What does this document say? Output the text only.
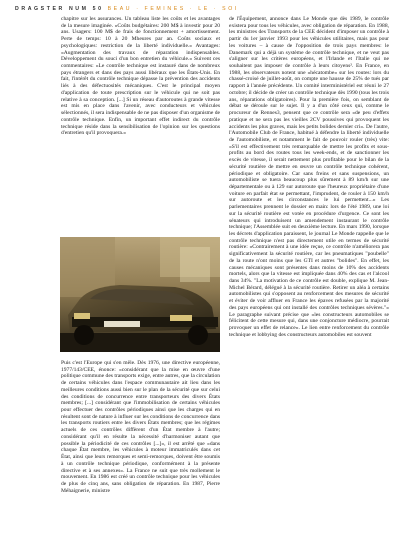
DRAGSTER NUM 50 BEAU · FEMINES · LE · SOI

chapitre sur les assurances. Un tableau liste les coûts et les avantages de la mesure imaginée. «Coûts budgétaires: 200 M$ à investir pour 20 ans. Usagers: 100 M$ de frais de fonctionnement + amortissement. Perte de temps: 10 à 20 Mheures par an. Coûts sociaux et psychologiques: restriction de la liberté individuelle.» Avantages: «Augmentation des travaux de réparation indispensables. Développement du souci d'un bon entretien du véhicule.» Suivent ces commentaires: «Le contrôle technique est instauré dans de nombreux pays étrangers et dans des pays aussi libéraux que les États-Unis. En fait, l'intérêt du contrôle technique dépasse la prévention des accidents liés à des défectuosités mécaniques. C'est le principal moyen d'application de toute prescription sur le véhicule qui ne soit pas relative à sa conception. [...] Si un réseau d'autoroutes à grande vitesse est mis en place dans l'avenir, avec conducteurs et véhicules sélectionnés, il sera indispensable de ne pas disposer d'un organisme de contrôle technique. Enfin, un important effet indirect du contrôle technique réside dans la sensibilisation de l'opinion sur les questions d'entretien qu'il provoquera.»

Puis c'est l'Europe qui s'en mêle. Dès 1976, une directive européenne, 1977/143/CEE, énonce: «considérant que la mise en œuvre d'une politique commune des transports exige, entre autres, que la circulation de certains véhicules dans l'espace communautaire ait lieu dans les meilleures conditions aussi bien sur le plan de la sécurité que sur celui des conditions de concurrence entre transporteurs des divers États membres; [...] considérant que l'immobilisation de certains véhicules pour effectuer des contrôles périodiques ainsi que les charges qui en résultent sont de nature à influer sur les conditions de concurrence dans les transports routiers entre les divers États membres; que les régimes actuels de ces contrôles diffèrent d'un État membre à l'autre; considérant qu'il en résulte la nécessité d'harmoniser autant que possible la périodicité de ces contrôles [...]», il est arrêté que «dans chaque État membre, les véhicules à moteur immatriculés dans cet État, ainsi que leurs remorques et semi-remorques, doivent être soumis à un contrôle technique périodique, conformément à la présente directive et à ses annexes». La France ne suit que très mollement le mouvement. En 1986 est créé un contrôle technique pour les véhicules de plus de cinq ans, sans obligation de réparation. En 1987, Pierre Méhaignerie, ministre

de l'Équipement, annonce dans Le Monde que dès 1989, le contrôle existera pour tous les véhicules, avec obligation de réparation. En 1988, les ministres des Transports de la CEE décident d'imposer un contrôle à partir du 1er janvier 1993 pour les véhicules utilitaires, mais pas pour les voitures – à cause de l'opposition de trois pays membres: le Danemark qui a déjà un système de contrôle technique, et ne veut pas s'aligner sur les critères européens, et l'Irlande et l'Italie qui ne souhaitent pas imposer de contrôle à leurs citoyens². En France, en 1988, les observateurs notent une «hécatombe» sur les routes: lors du chassé-croisé de juillet-août, on compte une hausse de 25% de tués par rapport à l'année précédente. Un comité interministériel est réuni le 27 octobre; il décide de créer un contrôle technique dès 1990 (tous les trois ans, réparations obligatoires). Pour la première fois, on semblant de débat se déroule sur le sujet. Il y a d'un côté ceux qui, comme le procureur de Rennes3, pensent que ce contrôle sera «de peu d'effets pratique et ne sera pas les vieilles 2CV poussives qui provoquent les accidents les plus graves, mais les petits bolides dernier cri». De l'autre, l'Automobile Club de France, habitué à défendre la liberté individuelle de l'automobiliste, et notamment le fait de pouvoir rouler (très) vite: «S'il est effectivement très remarquable de mettre les profits et sous-profits au bord des routes tous les week-ends, et de sanctionner les excès de vitesse, il serait nettement plus profitable pour le bilan de la sécurité routière de mettre en œuvre un contrôle technique cohérent, périodique et obligatoire. Car sans freins et sans suspensions, un automobiliste se tuera beaucoup plus sûrement à 89 km/h sur une départementale ou à 129 sur autoroute que l'heureux propriétaire d'une voiture en parfait état se permettant, l'imprudent, de rouler à 150 km/h sur autoroute et les circonstances le lui permettent...» Les parlementaires prennent le dossier en main: lors de l'été 1989, une loi sur la sécurité routière est votée en procédure d'urgence. Ce sont les sénateurs qui introduisent un amendement instaurant le contrôle technique; l'Assemblée suit en deuxième lecture. En mars 1990, lorsque les décrets d'application paraissent, le journal Le Monde rappelle que le contrôle technique n'est pas directement utile en termes de sécurité routière: «Contrairement à une idée reçue, ce contrôle n'améliorera pas significativement la sécurité routière, car les pneumatiques "poubelle" de la route n'ont moins que les GTI et autres "bolides". En effet, les causes mécaniques sont présentes dans moins de 10% des accidents mortels, alors que la vitesse est impliquée dans 40% des cas et l'alcool dans 34%. "La motivation de ce contrôle est double, explique M. Jean-Michel Bérard, délégué à la sécurité routière. Retirer un aléa à certains automobilistes qui s'opposent au renforcement des mesures de sécurité et éviter de voir affluer en France les épaves refusées par la majorité des pays européens qui ont installé des contrôles techniques sévères."» Le paragraphe suivant précise que «les constructeurs automobiles se félicitent de cette mesure qui, dans une conjoncture médiocre, pourrait provoquer un effet de relance». Le lien entre renforcement du contrôle technique et lobbying des constructeurs automobiles est souvent
